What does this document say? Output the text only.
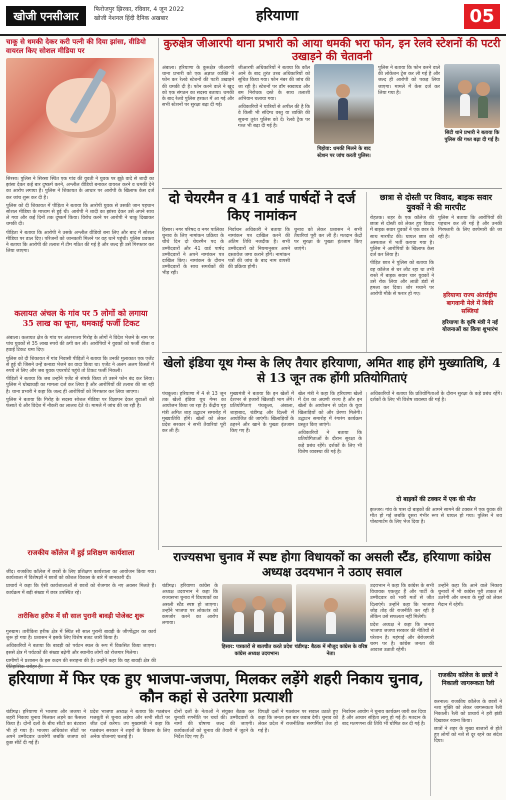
खोजी एनसीआर	फिरोजपुर झिरका, रविवार, 4 जून 2022
खोजी नेशनल हिंदी दैनिक अखबार	हरियाणा	05
चाकू से धमकी देकर करी पत्नी की दिया झांसा, वीडियो वायरल किए सोशल मीडिया पर

सिरसा। पुलिस ने सिरसा स्थित एक गांव की युवती ने युवक पर झूठे वादे से शादी का झांसा देकर कई बार दुष्कर्म करने, अश्लील वीडियो बनाकर वायरल करने व धमकी देने का आरोप लगाया है। पुलिस ने शिकायत के आधार पर आरोपी के खिलाफ केस दर्ज कर जांच शुरू कर दी है।

पुलिस को दी शिकायत में पीड़िता ने बताया कि आरोपी युवक से उसकी जान पहचान सोशल मीडिया के माध्यम से हुई थी। आरोपी ने शादी का झांसा देकर उसे अपने साथ ले गया और कई दिनों तक दुष्कर्म किया। विरोध करने पर आरोपी ने चाकू दिखाकर धमकी दी।

पीड़िता ने बताया कि आरोपी ने उसके अश्लील वीडियो बना लिए और बाद में सोशल मीडिया पर डाल दिए। परिजनों को जानकारी मिलने पर वह थाने पहुंची। पुलिस प्रवक्ता ने बताया कि आरोपी की तलाश में टीम गठित की गई है और जल्द ही उसे गिरफ्तार कर लिया जाएगा।

कलायत अंचल के गांव पर 5 लोगों को लगाया 35 लाख का चूना, धमकाई फर्जी टिकट

अंबाला। कलायत क्षेत्र के गांव पर अंतरराज्य गिरोह के लोगों ने विदेश भेजने के नाम पर पांच युवकों से 35 लाख रुपये की ठगी कर ली। आरोपियों ने युवकों को फर्जी वीजा व हवाई टिकट थमा दिए।

पुलिस को दी शिकायत में गांव निवासी पीड़ितों ने बताया कि उनकी मुलाकात एक एजेंट से हुई थी जिसने उन्हें कनाडा भेजने का वादा किया था। एजेंट ने अलग अलग किस्तों में रुपये ले लिए और जब युवक एयरपोर्ट पहुंचे तो टिकट फर्जी निकली।

पीड़ितों ने बताया कि जब उन्होंने एजेंट से संपर्क किया तो उसने फोन बंद कर लिया। पुलिस ने धोखाधड़ी का मामला दर्ज कर लिया है और आरोपियों की तलाश की जा रही है। थाना प्रभारी ने कहा कि जल्द ही आरोपियों को गिरफ्तार कर लिया जाएगा।

पुलिस ने बताया कि गिरोह के सदस्य सोशल मीडिया पर विज्ञापन देकर युवाओं को फंसाते थे और विदेश में नौकरी का लालच देते थे। मामले में जांच की जा रही है।

कुरुक्षेत्र जीआरपी थाना प्रभारी को आया धमकी भरा फोन, इन रेलवे स्टेशनों की पटरी उखाड़ने की चेतावनी

अंबाला। हरियाणा के कुरुक्षेत्र जीआरपी थाना प्रभारी को एक अज्ञात व्यक्ति ने फोन कर रेलवे स्टेशनों की पटरी उखाड़ने की धमकी दी है। फोन करने वाले ने खुद को एक संगठन का सदस्य बताया। धमकी के बाद रेलवे पुलिस हरकत में आ गई और सभी स्टेशनों पर सुरक्षा बढ़ा दी गई।

जीआरपी अधिकारियों ने बताया कि कॉल आने के बाद तुरंत उच्च अधिकारियों को सूचित किया गया। फोन नंबर की जांच की जा रही है। स्टेशनों पर डॉग स्क्वायड और बम निरोधक दस्ते के साथ तलाशी अभियान चलाया गया।

अधिकारियों ने यात्रियों से अपील की है कि वे किसी भी संदिग्ध वस्तु या व्यक्ति की सूचना तुरंत पुलिस को दें। रेलवे ट्रैक पर गश्त भी बढ़ा दी गई है।

पिहोवा: धमकी मिलने के बाद स्टेशन पर जांच करती पुलिस।

पुलिस ने बताया कि फोन करने वाले की लोकेशन ट्रेस कर ली गई है और जल्द ही आरोपी को पकड़ लिया जाएगा। मामले में केस दर्ज कर लिया गया है।

सिटी थाने प्रभारी ने बताया कि पुलिस की गश्त बढ़ा दी गई है।
दो चेयरमैन व 41 वार्ड पार्षदों ने दर्ज किए नामांकन

हिसार। नगर परिषद व नगर पालिका चुनाव के लिए नामांकन प्रक्रिया के चौथे दिन दो चेयरमैन पद के उम्मीदवारों और 41 वार्ड पार्षद उम्मीदवारों ने अपने नामांकन पत्र दाखिल किए। नामांकन के दौरान उम्मीदवारों के साथ समर्थकों की भीड़ रही।

निर्वाचन अधिकारी ने बताया कि नामांकन पत्र दाखिल करने की अंतिम तिथि नजदीक है। सभी उम्मीदवारों को नियमानुसार अपने दस्तावेज जमा कराने होंगे। नामांकन पत्रों की जांच के बाद नाम वापसी की प्रक्रिया होगी।

चुनाव को लेकर प्रशासन ने सभी तैयारियां पूरी कर ली हैं। मतदान केंद्रों पर सुरक्षा के पुख्ता इंतजाम किए जाएंगे।

छात्रा से दोस्ती पर विवाद, बाइक सवार युवकों ने की मारपीट

रोहतक। शहर के एक कॉलेज की छात्रा से दोस्ती को लेकर हुए विवाद में बाइक सवार युवकों ने एक छात्र के साथ मारपीट की। घायल छात्र को अस्पताल में भर्ती कराया गया है। पुलिस ने आरोपियों के खिलाफ केस दर्ज कर लिया है।

पीड़ित छात्र ने पुलिस को बताया कि वह कॉलेज से घर लौट रहा था तभी रास्ते में बाइक सवार चार युवकों ने उसे रोक लिया और लाठी डंडों से हमला कर दिया। शोर मचाने पर आरोपी मौके से फरार हो गए।

पुलिस ने बताया कि आरोपियों की पहचान कर ली गई है और उनकी गिरफ्तारी के लिए छापेमारी की जा रही है।

हरियाणा राज्य अंतर्राष्ट्रीय बागवानी मेले में बिकी सब्जियां
हरियाणा के कृषि मंत्री ने नई योजनाओं का किया शुभारंभ
खेलो इंडिया यूथ गेम्स के लिए तैयार हरियाणा, अमित शाह होंगे मुख्यातिथि, 4 से 13 जून तक होंगी प्रतियोगिताएं

पंचकूला। हरियाणा में 4 से 13 जून तक खेलो इंडिया यूथ गेम्स का आयोजन किया जा रहा है। केंद्रीय गृह मंत्री अमित शाह उद्घाटन समारोह में मुख्यातिथि होंगे। खेलों को लेकर प्रदेश सरकार ने सभी तैयारियां पूरी कर ली हैं।

मुख्यमंत्री ने बताया कि इन खेलों में देशभर से हजारों खिलाड़ी भाग लेंगे। प्रतियोगिताएं पंचकूला, अंबाला, शाहाबाद, चंडीगढ़ और दिल्ली में आयोजित की जाएंगी। खिलाड़ियों के ठहरने और खाने के पुख्ता इंतजाम किए गए हैं।

खेल मंत्री ने कहा कि हरियाणा खेलों में देश का अग्रणी राज्य है और इन खेलों के आयोजन से प्रदेश के युवा खिलाड़ियों को और प्रेरणा मिलेगी। उद्घाटन समारोह में रंगारंग कार्यक्रम प्रस्तुत किए जाएंगे।

अधिकारियों ने बताया कि प्रतियोगिताओं के दौरान सुरक्षा के कड़े प्रबंध रहेंगे। दर्शकों के लिए भी विशेष व्यवस्था की गई है।

अधिकारियों ने बताया कि प्रतियोगिताओं के दौरान सुरक्षा के कड़े प्रबंध रहेंगे। दर्शकों के लिए भी विशेष व्यवस्था की गई है।

राजकीय कॉलेज में हुई प्रशिक्षण कार्यशाला

जींद। राजकीय कॉलेज में छात्रों के लिए प्रशिक्षण कार्यशाला का आयोजन किया गया। कार्यशाला में विशेषज्ञों ने छात्रों को कौशल विकास के बारे में जानकारी दी।

प्राचार्य ने कहा कि ऐसी कार्यशालाओं से छात्रों को रोजगार के नए अवसर मिलते हैं। कार्यक्रम में बड़ी संख्या में छात्र उपस्थित रहे।

राज्यसभा चुनाव में स्पष्ट होगा विधायकों का असली स्टैंड, हरियाणा कांग्रेस अध्यक्ष उदयभान ने उठाए सवाल

चंडीगढ़। हरियाणा कांग्रेस के अध्यक्ष उदयभान ने कहा कि राज्यसभा चुनाव में विधायकों का असली स्टैंड स्पष्ट हो जाएगा। उन्होंने भाजपा पर लोकतंत्र को कमजोर करने का आरोप लगाया।

हिसार: पत्रकारों से बातचीत करते प्रदेश कांग्रेस अध्यक्ष उदयभान।
चंडीगढ़: बैठक में मौजूद कांग्रेस के वरिष्ठ नेता।

उदयभान ने कहा कि कांग्रेस के सभी विधायक एकजुट हैं और पार्टी के उम्मीदवार को भारी मतों से जीत दिलाएंगे। उन्होंने कहा कि भाजपा जोड़ तोड़ की राजनीति कर रही है लेकिन उसे सफलता नहीं मिलेगी।

प्रदेश अध्यक्ष ने कहा कि जनता भाजपा जजपा सरकार की नीतियों से परेशान है। महंगाई और बेरोजगारी चरम पर है। कांग्रेस जनता की आवाज उठाती रहेगी।

उन्होंने कहा कि आने वाले निकाय चुनावों में भी कांग्रेस पूरी ताकत से उतरेगी और जनता के मुद्दों को लेकर मैदान में रहेगी।

हरियाणा में फिर एक हुए भाजपा-जजपा, मिलकर लड़ेंगे शहरी निकाय चुनाव, कौन कहां से उतरेगा प्रत्याशी

चंडीगढ़। हरियाणा में भाजपा और जजपा ने शहरी निकाय चुनाव मिलकर लड़ने का फैसला किया है। दोनों दलों के बीच सीटों का बंटवारा भी हो गया है। भाजपा अधिकांश सीटों पर अपने उम्मीदवार उतारेगी जबकि जजपा को कुछ सीटें दी गई हैं।

प्रदेश भाजपा अध्यक्ष ने बताया कि गठबंधन मजबूती से चुनाव लड़ेगा और सभी सीटों पर जीत दर्ज करेगा। उप मुख्यमंत्री ने कहा कि गठबंधन सरकार ने शहरों के विकास के लिए अनेक योजनाएं चलाई हैं।

दोनों दलों के नेताओं ने संयुक्त बैठक कर चुनावी रणनीति पर चर्चा की। उम्मीदवारों के नामों की घोषणा जल्द की जाएगी। कार्यकर्ताओं को चुनाव की तैयारी में जुटने के निर्देश दिए गए हैं।

विपक्षी दलों ने गठबंधन पर सवाल उठाते हुए कहा कि जनता इस बार जवाब देगी। चुनाव को लेकर प्रदेश में राजनीतिक सरगर्मियां तेज हो गई हैं।

निर्वाचन आयोग ने चुनाव कार्यक्रम जारी कर दिया है और आचार संहिता लागू हो गई है। मतदान के बाद मतगणना की तिथि भी घोषित कर दी गई है।

राजकीय कॉलेज के छात्रों ने निकाली जागरूकता रैली

करनाल। राजकीय कॉलेज के छात्रों ने नशा मुक्ति को लेकर जागरूकता रैली निकाली। रैली को प्राचार्य ने हरी झंडी दिखाकर रवाना किया।

छात्रों ने शहर के मुख्य बाजारों से होते हुए लोगों को नशे से दूर रहने का संदेश दिया।

तारीकिरा हरीफ में सौ साल पुरानी बावड़ी पोजेक्ट शुरू

गुरुग्राम। तारीकिरा हरीफ क्षेत्र में स्थित सौ साल पुरानी बावड़ी के जीर्णोद्धार का कार्य शुरू हो गया है। प्रशासन ने इसके लिए विशेष बजट जारी किया है।

अधिकारियों ने बताया कि बावड़ी को पर्यटन स्थल के रूप में विकसित किया जाएगा। इससे क्षेत्र में पर्यटकों की संख्या बढ़ेगी और स्थानीय लोगों को रोजगार मिलेगा।

ग्रामीणों ने प्रशासन के इस कदम की सराहना की है। उन्होंने कहा कि यह बावड़ी क्षेत्र की ऐतिहासिक धरोहर है।

दो बाइकों की टक्कर में एक की मौत

झज्जर। गांव के पास दो बाइकों की आमने सामने की टक्कर में एक युवक की मौत हो गई जबकि दूसरा गंभीर रूप से घायल हो गया। पुलिस ने शव पोस्टमार्टम के लिए भेज दिया है।
